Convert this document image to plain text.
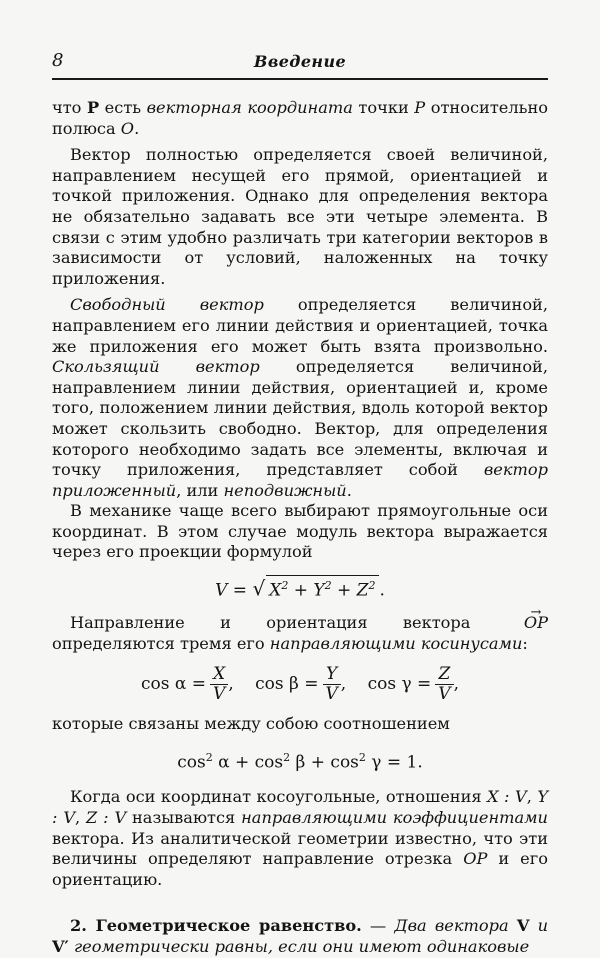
8	Введение

что P есть векторная координата точки P относительно полюса O.

Вектор полностью определяется своей величиной, направлением несущей его прямой, ориентацией и точкой приложения. Однако для определения вектора не обязательно задавать все эти четыре элемента. В связи с этим удобно различать три категории векторов в зависимости от условий, наложенных на точку приложения.

Свободный вектор определяется величиной, направлением его линии действия и ориентацией, точка же приложения его может быть взята произвольно. Скользящий вектор определяется величиной, направлением линии действия, ориентацией и, кроме того, положением линии действия, вдоль которой вектор может скользить свободно. Вектор, для определения которого необходимо задать все элементы, включая и точку приложения, представляет собой вектор приложенный, или неподвижный.

В механике чаще всего выбирают прямоугольные оси координат. В этом случае модуль вектора выражается через его проекции формулой

V = √ $X^2 + Y^2 + Z^2$ .

Направление и ориентация вектора → OP определяются тремя его направляющими косинусами:

$\cos \alpha = \frac{X}{V}$ , $\cos \beta = \frac{Y}{V}$ , $\cos \gamma = \frac{Z}{V}$ ,

которые связаны между собою соотношением

$\cos^2 \alpha + \cos^2 \beta + \cos^2 \gamma = 1$.

Когда оси координат косоугольные, отношения X : V, Y : V, Z : V называются направляющими коэффициентами вектора. Из аналитической геометрии известно, что эти величины определяют направление отрезка OP и его ориентацию.

2. Геометрическое равенство. — Два вектора V и V′ геометрически равны, если они имеют одинаковые
